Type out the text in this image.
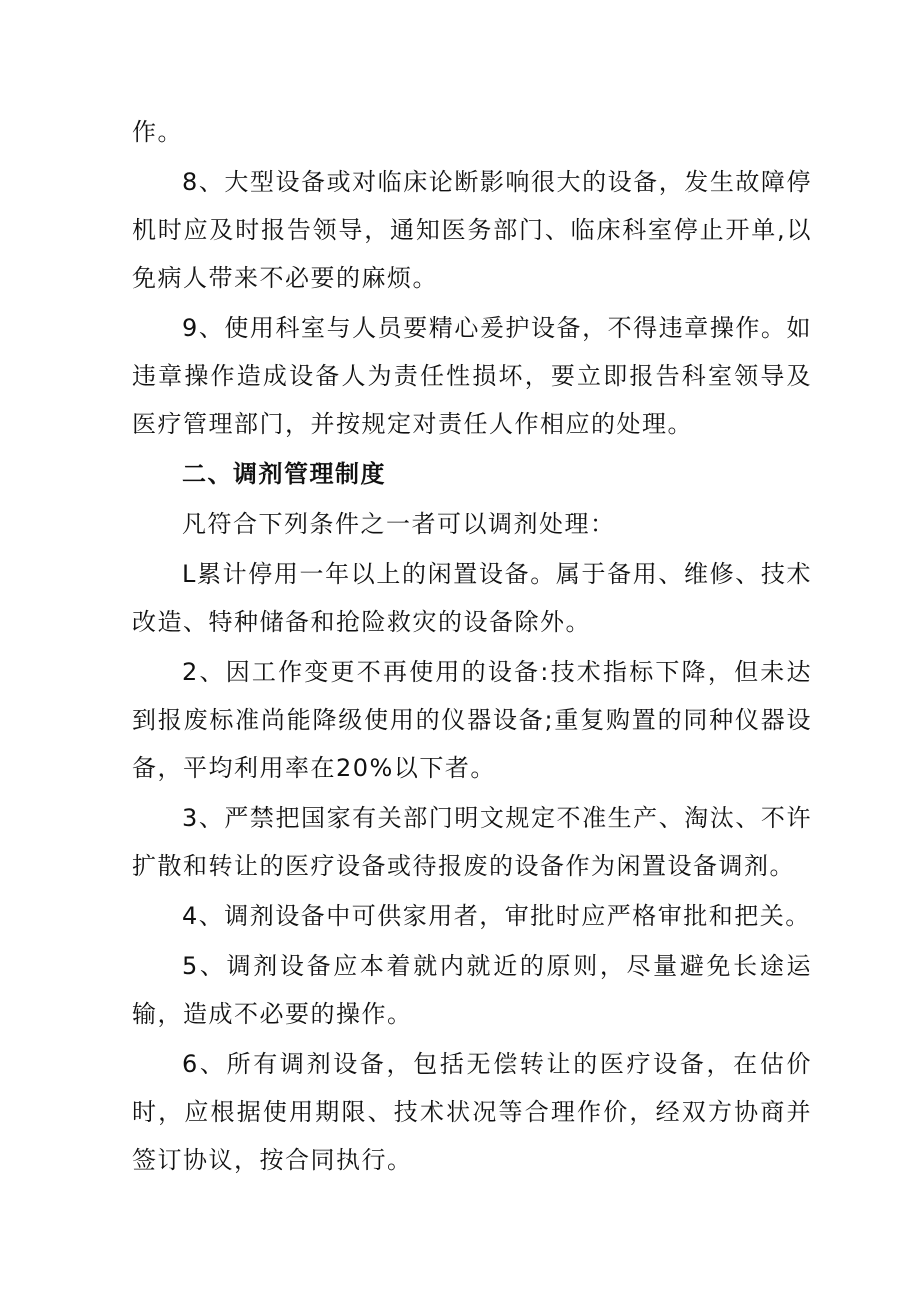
作。

8、大型设备或对临床论断影响很大的设备，发生故障停机时应及时报告领导，通知医务部门、临床科室停止开单,以免病人带来不必要的麻烦。

9、使用科室与人员要精心爰护设备，不得违章操作。如违章操作造成设备人为责任性损坏，要立即报告科室领导及医疗管理部门，并按规定对责任人作相应的处理。

二、调剂管理制度

凡符合下列条件之一者可以调剂处理：

L累计停用一年以上的闲置设备。属于备用、维修、技术改造、特种储备和抢险救灾的设备除外。

2、因工作变更不再使用的设备:技术指标下降，但未达到报废标准尚能降级使用的仪器设备;重复购置的同种仪器设备，平均利用率在20%以下者。

3、严禁把国家有关部门明文规定不准生产、淘汰、不许扩散和转让的医疗设备或待报废的设备作为闲置设备调剂。

4、调剂设备中可供家用者，审批时应严格审批和把关。

5、调剂设备应本着就内就近的原则，尽量避免长途运输，造成不必要的操作。

6、所有调剂设备，包括无偿转让的医疗设备，在估价时，应根据使用期限、技术状况等合理作价，经双方协商并签订协议，按合同执行。
